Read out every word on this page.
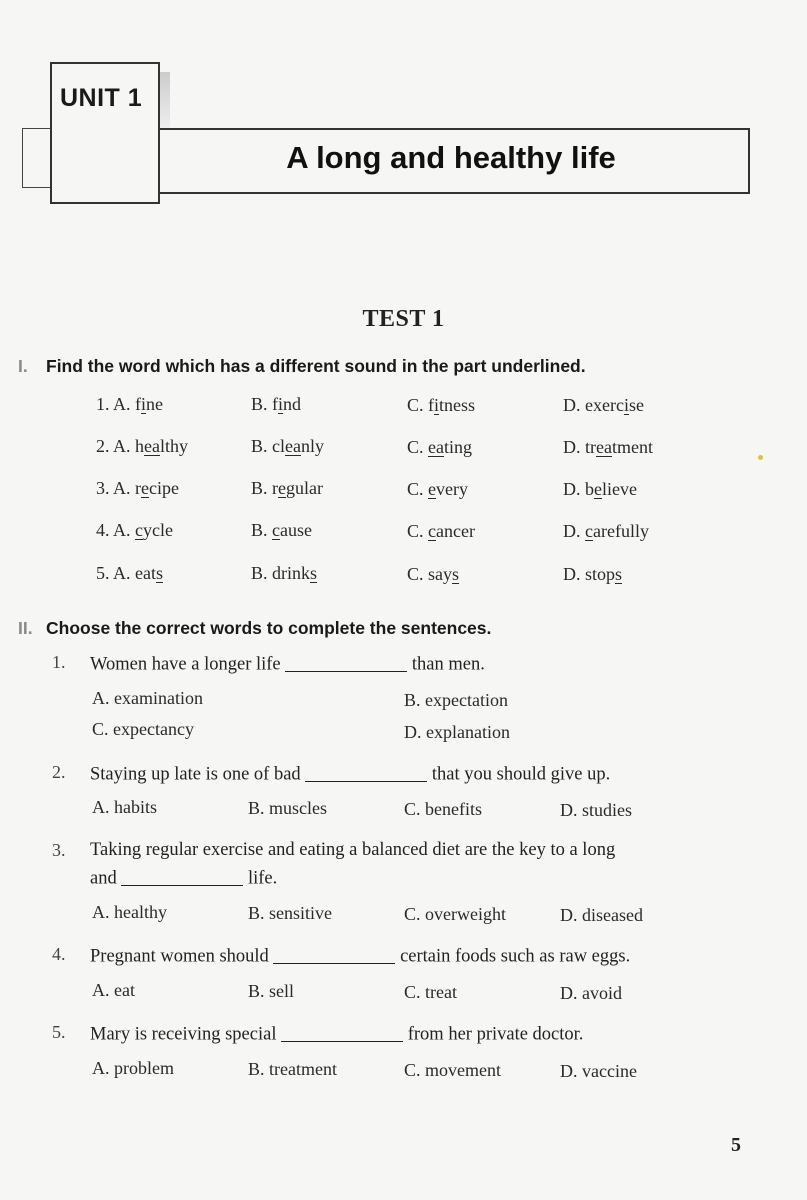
UNIT 1
A long and healthy life
TEST 1
I. Find the word which has a different sound in the part underlined.
1. A. fine	B. find	C. fitness	D. exercise
2. A. healthy	B. cleanly	C. eating	D. treatment
3. A. recipe	B. regular	C. every	D. believe
4. A. cycle	B. cause	C. cancer	D. carefully
5. A. eats	B. drinks	C. says	D. stops
II. Choose the correct words to complete the sentences.
1. Women have a longer life	than men.
A. examination	B. expectation
C. expectancy	D. explanation
2. Staying up late is one of bad	that you should give up.
A. habits	B. muscles	C. benefits	D. studies
3. Taking regular exercise and eating a balanced diet are the key to a long
and	life.
A. healthy	B. sensitive	C. overweight	D. diseased
4. Pregnant women should	certain foods such as raw eggs.
A. eat	B. sell	C. treat	D. avoid
5. Mary is receiving special	from her private doctor.
A. problem	B. treatment	C. movement	D. vaccine
5
